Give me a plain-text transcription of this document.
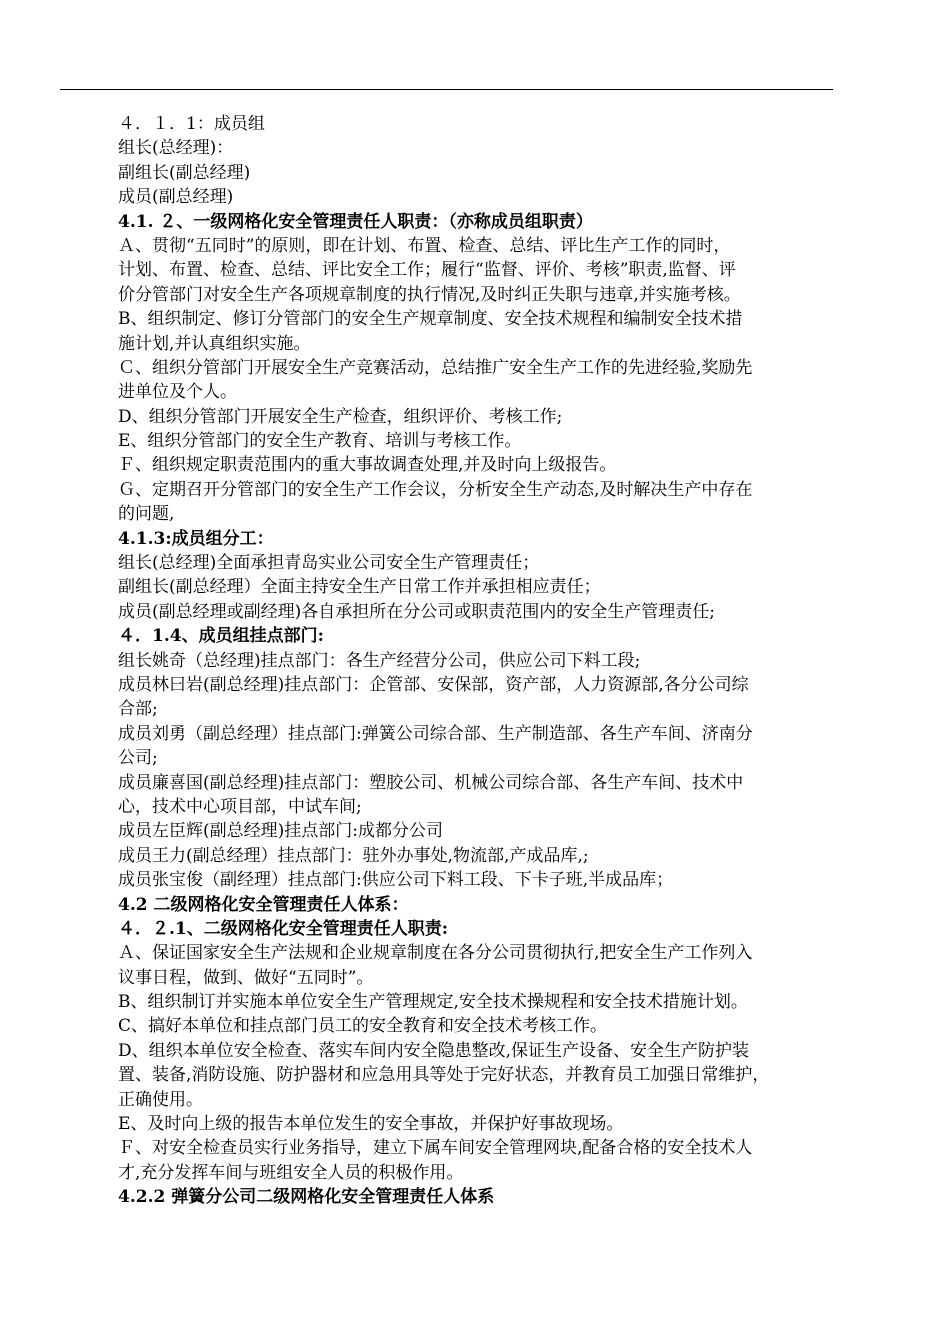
４．１．1：成员组
组长(总经理)：
副组长(副总经理)
成员(副总经理)
4.1. ２、一级网格化安全管理责任人职责：（亦称成员组职责）
Ａ、贯彻“五同时”的原则，即在计划、布置、检查、总结、评比生产工作的同时，
计划、布置、检查、总结、评比安全工作；履行“监督、评价、考核”职责,监督、评
价分管部门对安全生产各项规章制度的执行情况,及时纠正失职与违章,并实施考核。
B、组织制定、修订分管部门的安全生产规章制度、安全技术规程和编制安全技术措
施计划,并认真组织实施。
Ｃ、组织分管部门开展安全生产竞赛活动，总结推广安全生产工作的先进经验,奖励先
进单位及个人。
D、组织分管部门开展安全生产检查，组织评价、考核工作;
E、组织分管部门的安全生产教育、培训与考核工作。
Ｆ、组织规定职责范围内的重大事故调查处理,并及时向上级报告。
Ｇ、定期召开分管部门的安全生产工作会议，分析安全生产动态,及时解决生产中存在
的问题,
4.1.3:成员组分工：
组长(总经理)全面承担青岛实业公司安全生产管理责任；
副组长(副总经理）全面主持安全生产日常工作并承担相应责任；
成员(副总经理或副经理)各自承担所在分公司或职责范围内的安全生产管理责任;
４．1.4、成员组挂点部门:
组长姚奇（总经理)挂点部门：各生产经营分公司，供应公司下料工段;
成员林曰岩(副总经理)挂点部门：企管部、安保部，资产部，人力资源部,各分公司综
合部;
成员刘勇（副总经理）挂点部门:弹簧公司综合部、生产制造部、各生产车间、济南分
公司;
成员廉喜国(副总经理)挂点部门：塑胶公司、机械公司综合部、各生产车间、技术中
心，技术中心项目部，中试车间;
成员左臣辉(副总经理)挂点部门:成都分公司
成员王力(副总经理）挂点部门：驻外办事处,物流部,产成品库,;
成员张宝俊（副经理）挂点部门:供应公司下料工段、下卡子班,半成品库；
4.2 二级网格化安全管理责任人体系：
４．２.1、二级网格化安全管理责任人职责:
Ａ、保证国家安全生产法规和企业规章制度在各分公司贯彻执行,把安全生产工作列入
议事日程，做到、做好“五同时”。
B、组织制订并实施本单位安全生产管理规定,安全技术操规程和安全技术措施计划。
C、搞好本单位和挂点部门员工的安全教育和安全技术考核工作。
D、组织本单位安全检查、落实车间内安全隐患整改,保证生产设备、安全生产防护装
置、装备,消防设施、防护器材和应急用具等处于完好状态，并教育员工加强日常维护，
正确使用。
E、及时向上级的报告本单位发生的安全事故，并保护好事故现场。
Ｆ、对安全检查员实行业务指导，建立下属车间安全管理网块,配备合格的安全技术人
才,充分发挥车间与班组安全人员的积极作用。
4.2.2 弹簧分公司二级网格化安全管理责任人体系
